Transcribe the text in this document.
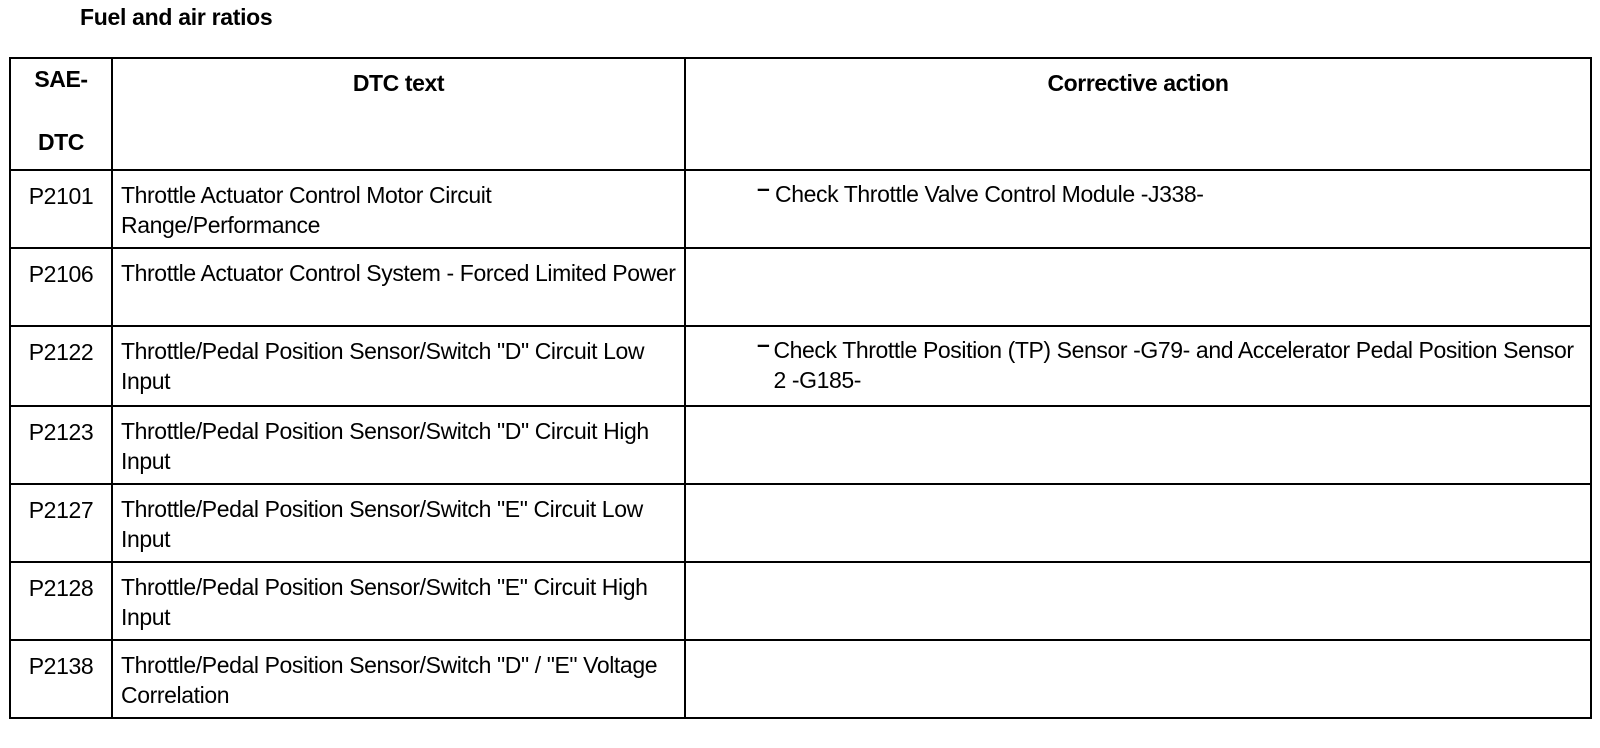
Fuel and air ratios
SAE-
DTC	DTC text	Corrective action
P2101	Throttle Actuator Control Motor Circuit Range/Performance	– Check Throttle Valve Control Module -J338-

P2106	Throttle Actuator Control System - Forced Limited Power	
P2122	Throttle/Pedal Position Sensor/Switch "D" Circuit Low Input	– Check Throttle Position (TP) Sensor -G79- and Accelerator Pedal Position Sensor 2 -G185-

P2123	Throttle/Pedal Position Sensor/Switch "D" Circuit High Input	
P2127	Throttle/Pedal Position Sensor/Switch "E" Circuit Low Input	
P2128	Throttle/Pedal Position Sensor/Switch "E" Circuit High Input	
P2138	Throttle/Pedal Position Sensor/Switch "D" / "E" Voltage Correlation	
